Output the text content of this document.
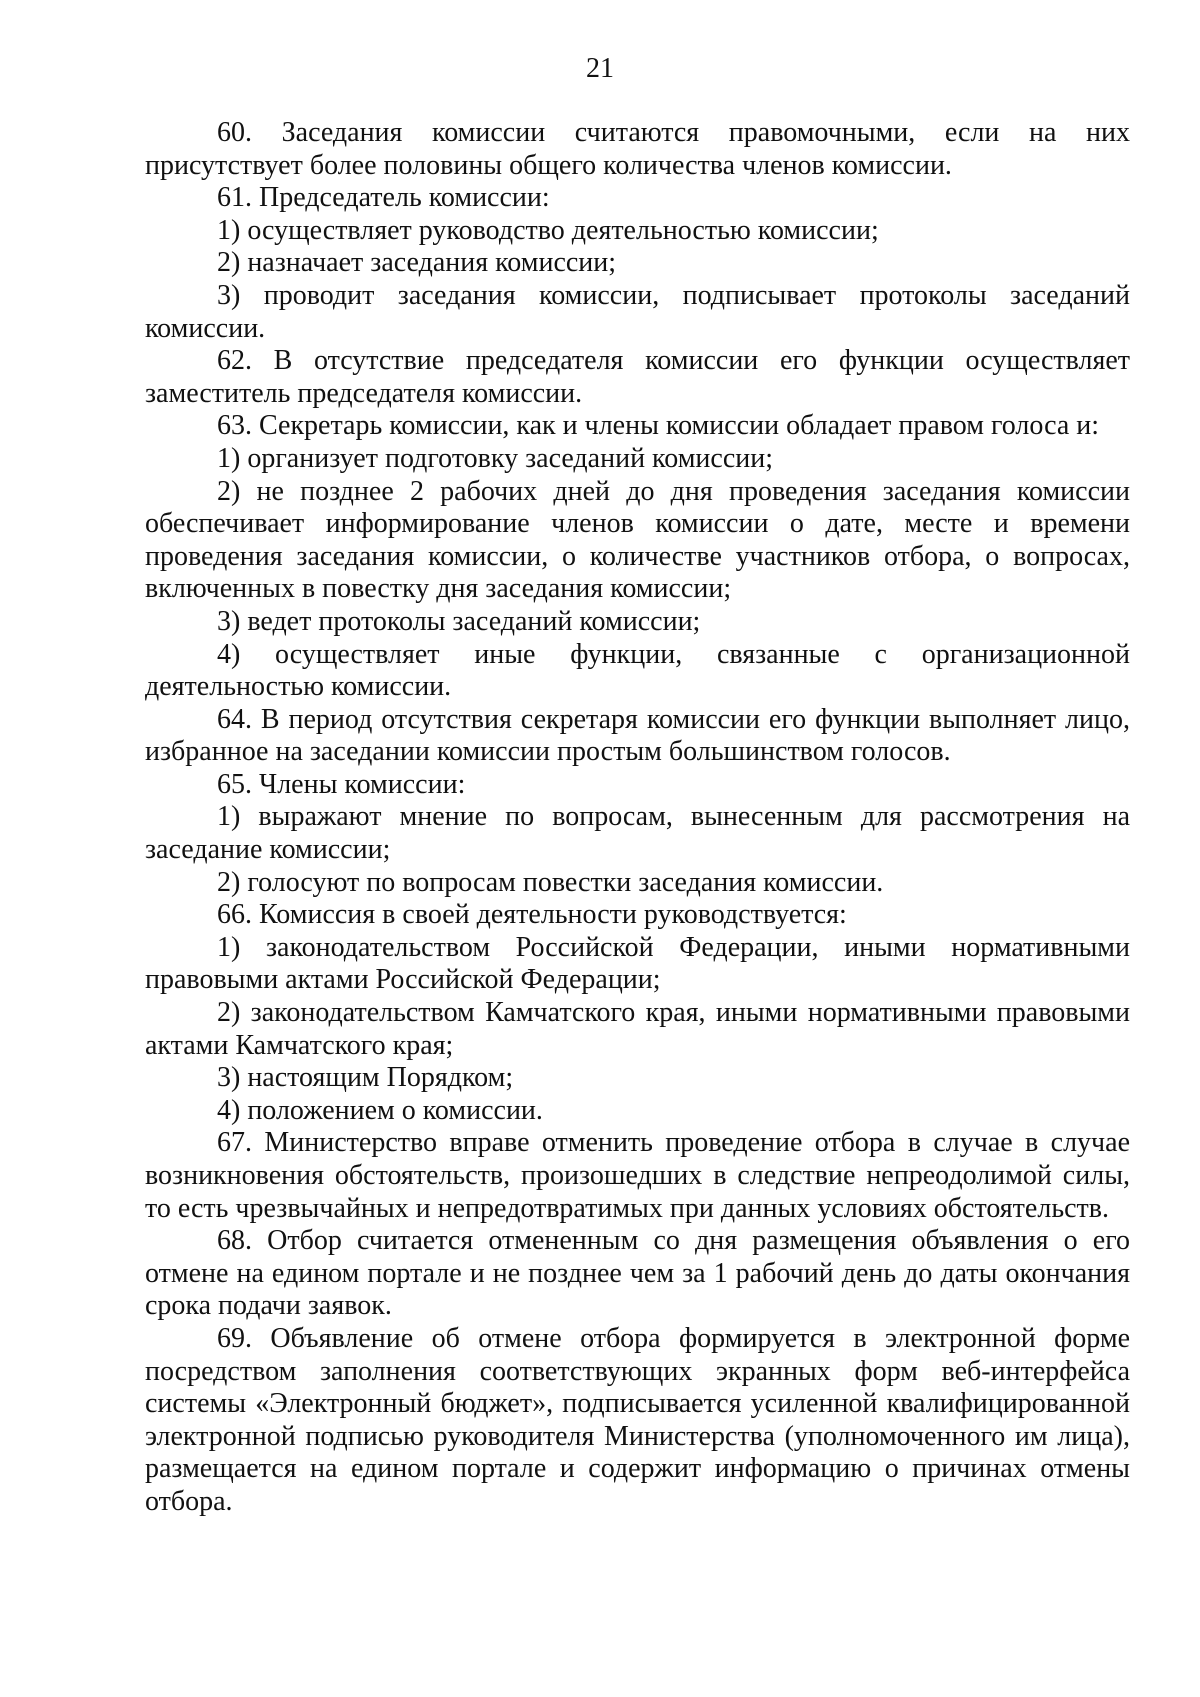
21

60. Заседания комиссии считаются правомочными, если на них присутствует более половины общего количества членов комиссии.

61. Председатель комиссии:

1) осуществляет руководство деятельностью комиссии;

2) назначает заседания комиссии;

3) проводит заседания комиссии, подписывает протоколы заседаний комиссии.

62. В отсутствие председателя комиссии его функции осуществляет заместитель председателя комиссии.

63. Секретарь комиссии, как и члены комиссии обладает правом голоса и:

1) организует подготовку заседаний комиссии;

2) не позднее 2 рабочих дней до дня проведения заседания комиссии обеспечивает информирование членов комиссии о дате, месте и времени проведения заседания комиссии, о количестве участников отбора, о вопросах, включенных в повестку дня заседания комиссии;

3) ведет протоколы заседаний комиссии;

4) осуществляет иные функции, связанные с организационной деятельностью комиссии.

64. В период отсутствия секретаря комиссии его функции выполняет лицо, избранное на заседании комиссии простым большинством голосов.

65. Члены комиссии:

1) выражают мнение по вопросам, вынесенным для рассмотрения на заседание комиссии;

2) голосуют по вопросам повестки заседания комиссии.

66. Комиссия в своей деятельности руководствуется:

1) законодательством Российской Федерации, иными нормативными правовыми актами Российской Федерации;

2) законодательством Камчатского края, иными нормативными правовыми актами Камчатского края;

3) настоящим Порядком;

4) положением о комиссии.

67. Министерство вправе отменить проведение отбора в случае в случае возникновения обстоятельств, произошедших в следствие непреодолимой силы, то есть чрезвычайных и непредотвратимых при данных условиях обстоятельств.

68. Отбор считается отмененным со дня размещения объявления о его отмене на едином портале и не позднее чем за 1 рабочий день до даты окончания срока подачи заявок.

69. Объявление об отмене отбора формируется в электронной форме посредством заполнения соответствующих экранных форм веб-интерфейса системы «Электронный бюджет», подписывается усиленной квалифицированной электронной подписью руководителя Министерства (уполномоченного им лица), размещается на едином портале и содержит информацию о причинах отмены отбора.
